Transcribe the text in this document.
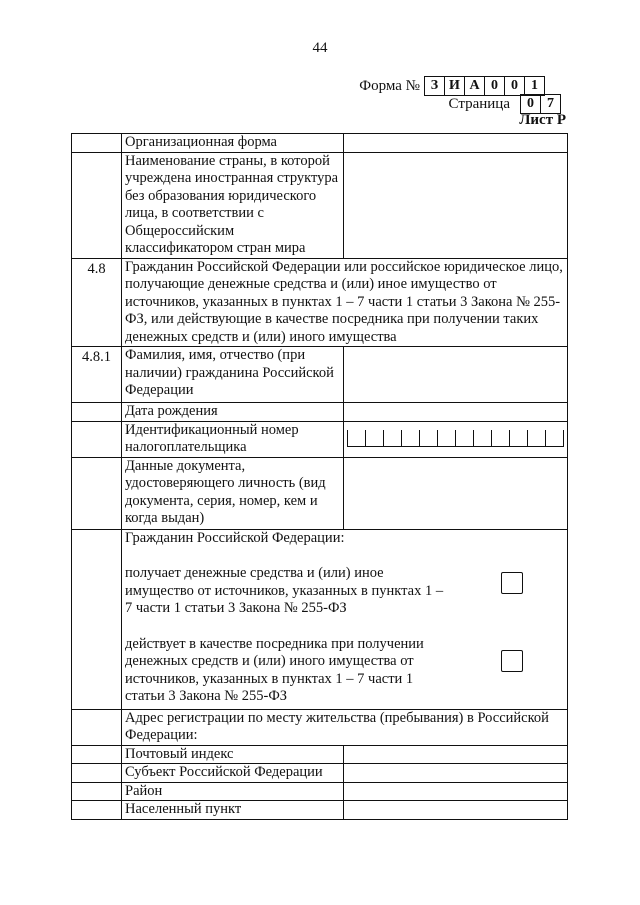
44
Форма № З И А 0 0 1
Страница	0 7
Лист Р
	Организационная форма	
	Наименование страны, в которой учреждена иностранная структура без образования юридического лица, в соответствии с Общероссийским классификатором стран мира	
4.8	Гражданин Российской Федерации или российское юридическое лицо, получающие денежные средства и (или) иное имущество от источников, указанных в пунктах 1 – 7 части 1 статьи 3 Закона № 255-ФЗ, или действующие в качестве посредника при получении таких денежных средств и (или) иного имущества	
4.8.1	Фамилия, имя, отчество (при наличии) гражданина Российской Федерации	
	Дата рождения	
	Идентификационный номер налогоплательщика	

	Данные документа, удостоверяющего личность (вид документа, серия, номер, кем и когда выдан)	

	Гражданин Российской Федерации:
получает денежные средства и (или) иное имущество от источников, указанных в пунктах 1 – 7 части 1 статьи 3 Закона № 255-ФЗ
действует в качестве посредника при получении денежных средств и (или) иного имущества от источников, указанных в пунктах 1 – 7 части 1 статьи 3 Закона № 255-ФЗ	

	Адрес регистрации по месту жительства (пребывания) в Российской Федерации:	
	Почтовый индекс	
	Субъект Российской Федерации	
	Район	
	Населенный пункт	
